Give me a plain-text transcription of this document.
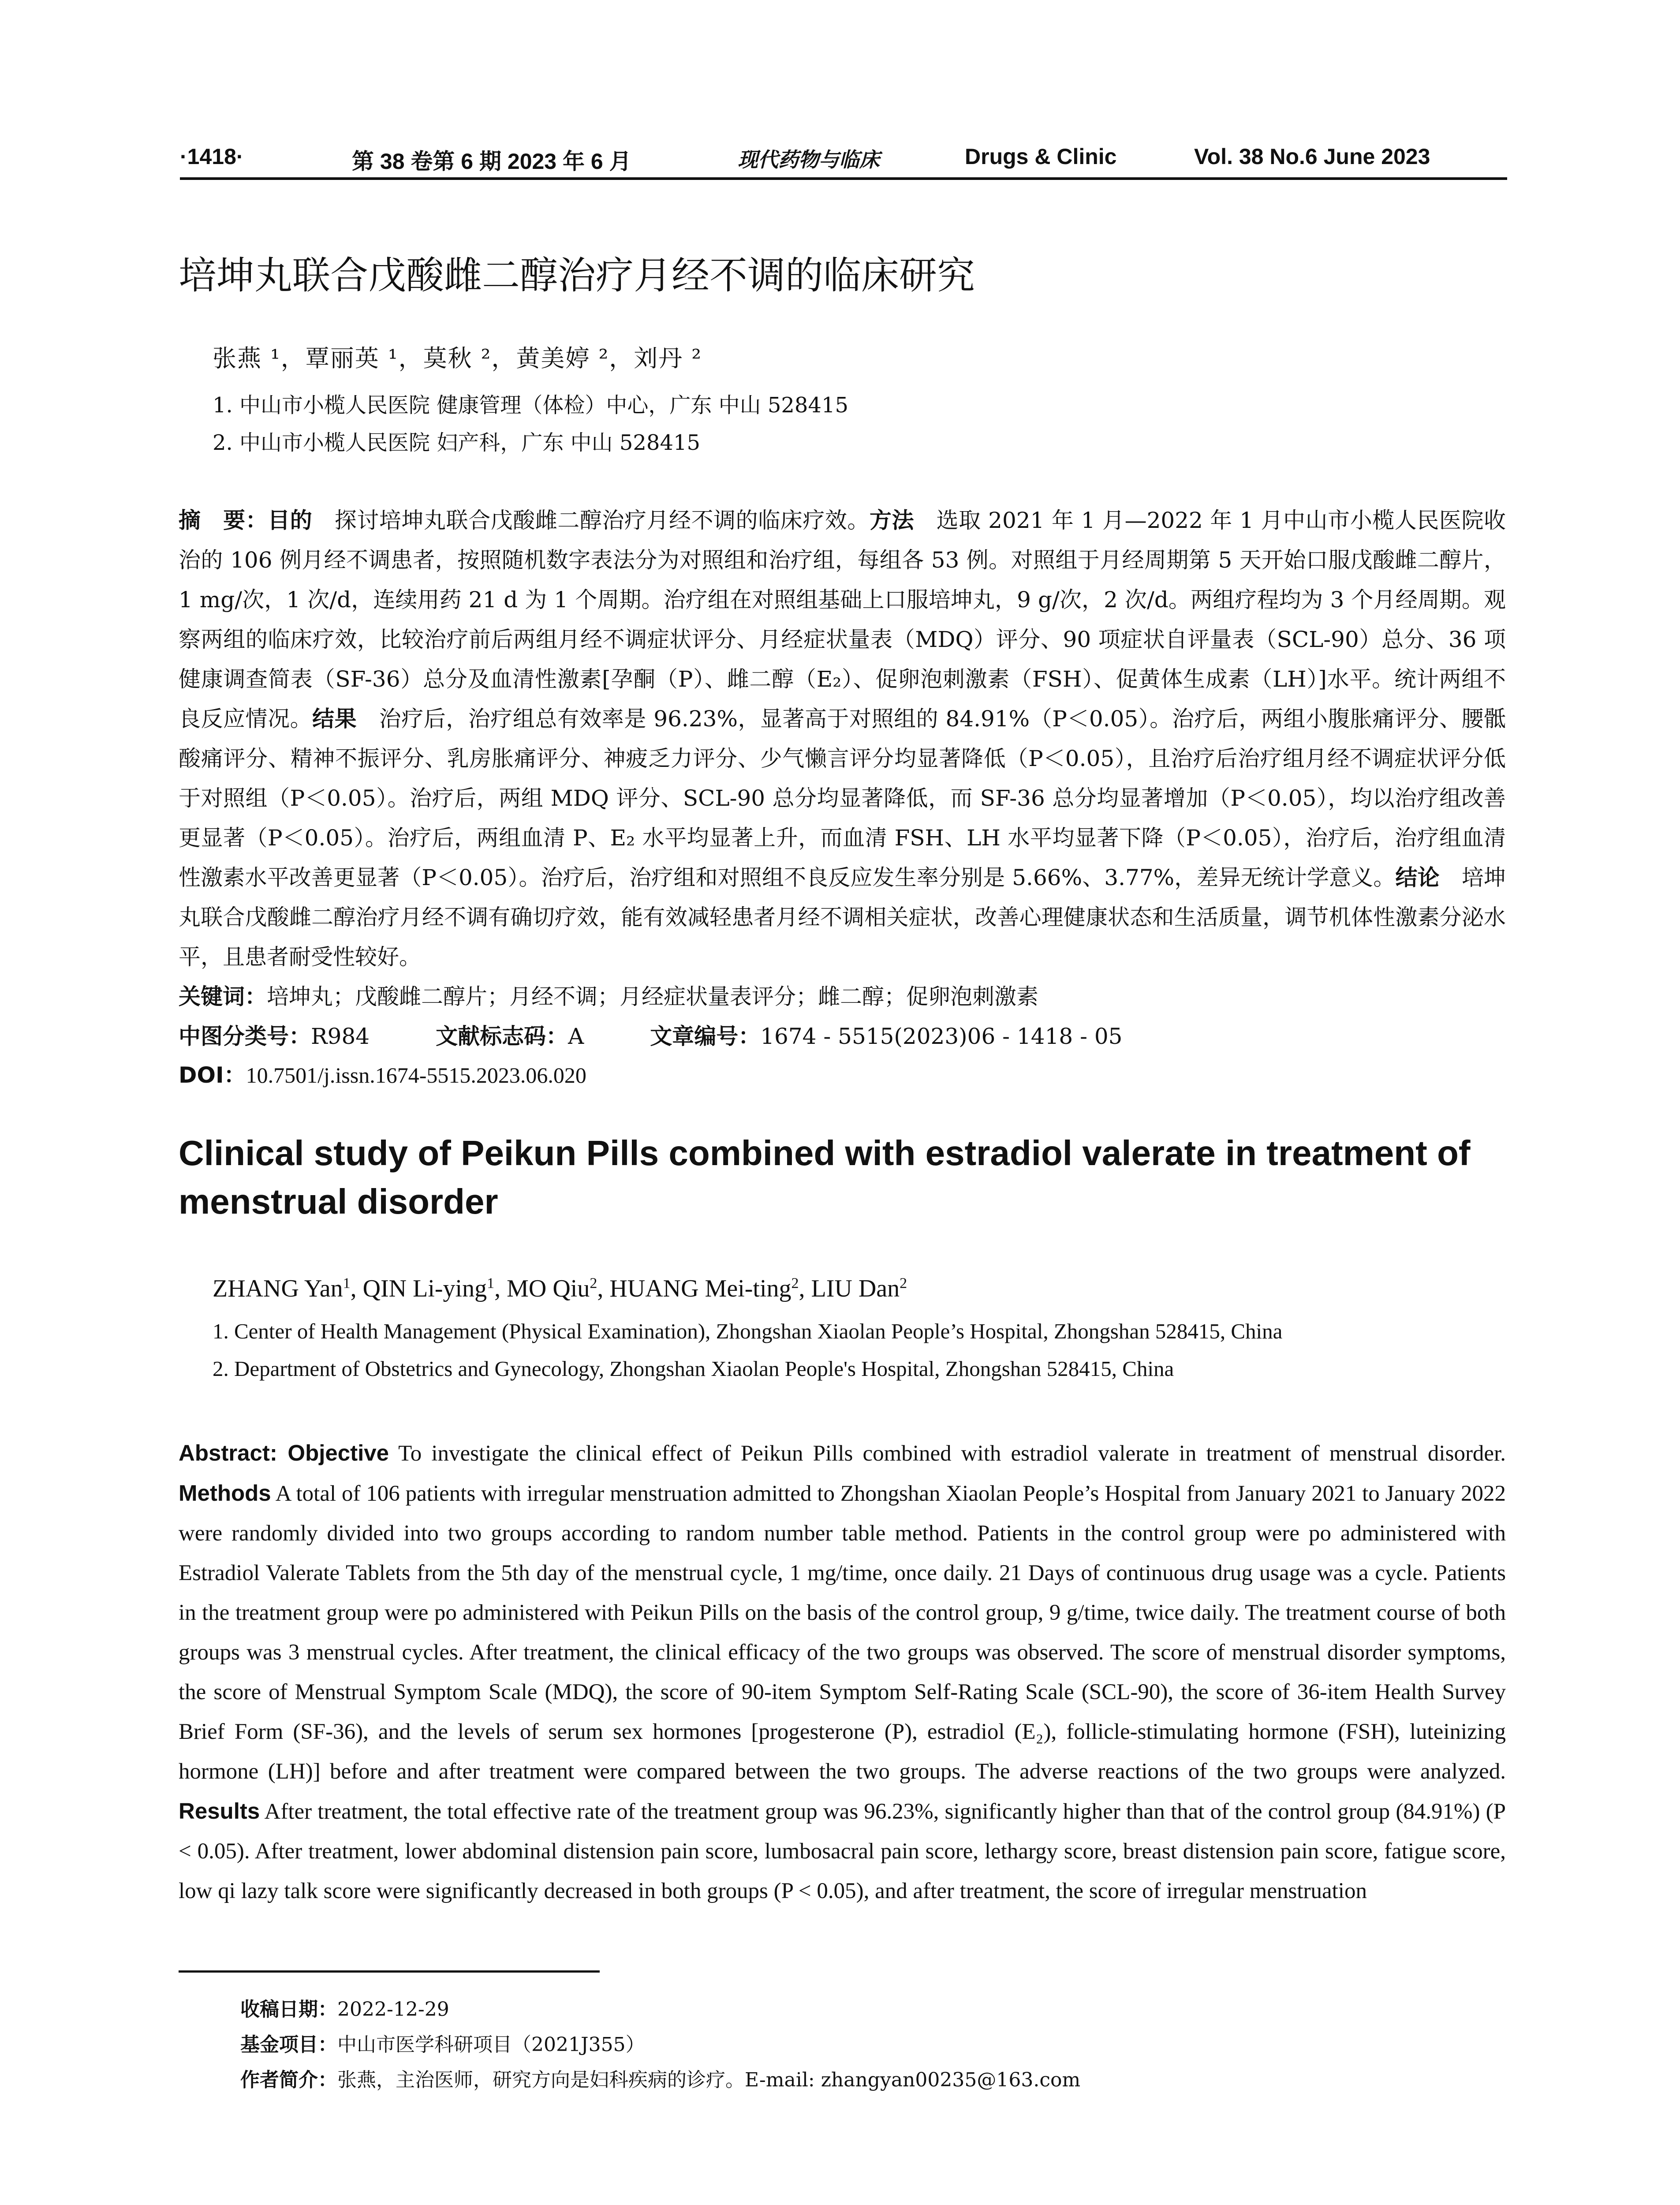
·1418·	第 38 卷第 6 期 2023 年 6 月	现代药物与临床	Drugs & Clinic	Vol. 38 No.6 June 2023
培坤丸联合戊酸雌二醇治疗月经不调的临床研究
张燕 ¹，覃丽英 ¹，莫秋 ²，黄美婷 ²，刘丹 ²
1. 中山市小榄人民医院 健康管理（体检）中心，广东 中山 528415
2. 中山市小榄人民医院 妇产科，广东 中山 528415
摘　要：目的　探讨培坤丸联合戊酸雌二醇治疗月经不调的临床疗效。方法　选取 2021 年 1 月—2022 年 1 月中山市小榄人民医院收治的 106 例月经不调患者，按照随机数字表法分为对照组和治疗组，每组各 53 例。对照组于月经周期第 5 天开始口服戊酸雌二醇片，1 mg/次，1 次/d，连续用药 21 d 为 1 个周期。治疗组在对照组基础上口服培坤丸，9 g/次，2 次/d。两组疗程均为 3 个月经周期。观察两组的临床疗效，比较治疗前后两组月经不调症状评分、月经症状量表（MDQ）评分、90 项症状自评量表（SCL-90）总分、36 项健康调查简表（SF-36）总分及血清性激素[孕酮（P）、雌二醇（E₂）、促卵泡刺激素（FSH）、促黄体生成素（LH）]水平。统计两组不良反应情况。结果　治疗后，治疗组总有效率是 96.23%，显著高于对照组的 84.91%（P＜0.05）。治疗后，两组小腹胀痛评分、腰骶酸痛评分、精神不振评分、乳房胀痛评分、神疲乏力评分、少气懒言评分均显著降低（P＜0.05），且治疗后治疗组月经不调症状评分低于对照组（P＜0.05）。治疗后，两组 MDQ 评分、SCL-90 总分均显著降低，而 SF-36 总分均显著增加（P＜0.05），均以治疗组改善更显著（P＜0.05）。治疗后，两组血清 P、E₂ 水平均显著上升，而血清 FSH、LH 水平均显著下降（P＜0.05），治疗后，治疗组血清性激素水平改善更显著（P＜0.05）。治疗后，治疗组和对照组不良反应发生率分别是 5.66%、3.77%，差异无统计学意义。结论　培坤丸联合戊酸雌二醇治疗月经不调有确切疗效，能有效减轻患者月经不调相关症状，改善心理健康状态和生活质量，调节机体性激素分泌水平，且患者耐受性较好。
关键词：培坤丸；戊酸雌二醇片；月经不调；月经症状量表评分；雌二醇；促卵泡刺激素
中图分类号：R984	文献标志码：A	文章编号：1674 - 5515(2023)06 - 1418 - 05
DOI：10.7501/j.issn.1674-5515.2023.06.020
Clinical study of Peikun Pills combined with estradiol valerate in treatment of menstrual disorder
ZHANG Yan$^1$, QIN Li-ying$^1$, MO Qiu$^2$, HUANG Mei-ting$^2$, LIU Dan$^2$
1. Center of Health Management (Physical Examination), Zhongshan Xiaolan People’s Hospital, Zhongshan 528415, China
2. Department of Obstetrics and Gynecology, Zhongshan Xiaolan People's Hospital, Zhongshan 528415, China
Abstract: Objective To investigate the clinical effect of Peikun Pills combined with estradiol valerate in treatment of menstrual disorder. Methods A total of 106 patients with irregular menstruation admitted to Zhongshan Xiaolan People’s Hospital from January 2021 to January 2022 were randomly divided into two groups according to random number table method. Patients in the control group were po administered with Estradiol Valerate Tablets from the 5th day of the menstrual cycle, 1 mg/time, once daily. 21 Days of continuous drug usage was a cycle. Patients in the treatment group were po administered with Peikun Pills on the basis of the control group, 9 g/time, twice daily. The treatment course of both groups was 3 menstrual cycles. After treatment, the clinical efficacy of the two groups was observed. The score of menstrual disorder symptoms, the score of Menstrual Symptom Scale (MDQ), the score of 90-item Symptom Self-Rating Scale (SCL-90), the score of 36-item Health Survey Brief Form (SF-36), and the levels of serum sex hormones [progesterone (P), estradiol (E₂), follicle-stimulating hormone (FSH), luteinizing hormone (LH)] before and after treatment were compared between the two groups. The adverse reactions of the two groups were analyzed. Results After treatment, the total effective rate of the treatment group was 96.23%, significantly higher than that of the control group (84.91%) (P < 0.05). After treatment, lower abdominal distension pain score, lumbosacral pain score, lethargy score, breast distension pain score, fatigue score, low qi lazy talk score were significantly decreased in both groups (P < 0.05), and after treatment, the score of irregular menstruation
收稿日期：2022-12-29
基金项目：中山市医学科研项目（2021J355）
作者简介：张燕，主治医师，研究方向是妇科疾病的诊疗。E-mail: zhangyan00235@163.com
